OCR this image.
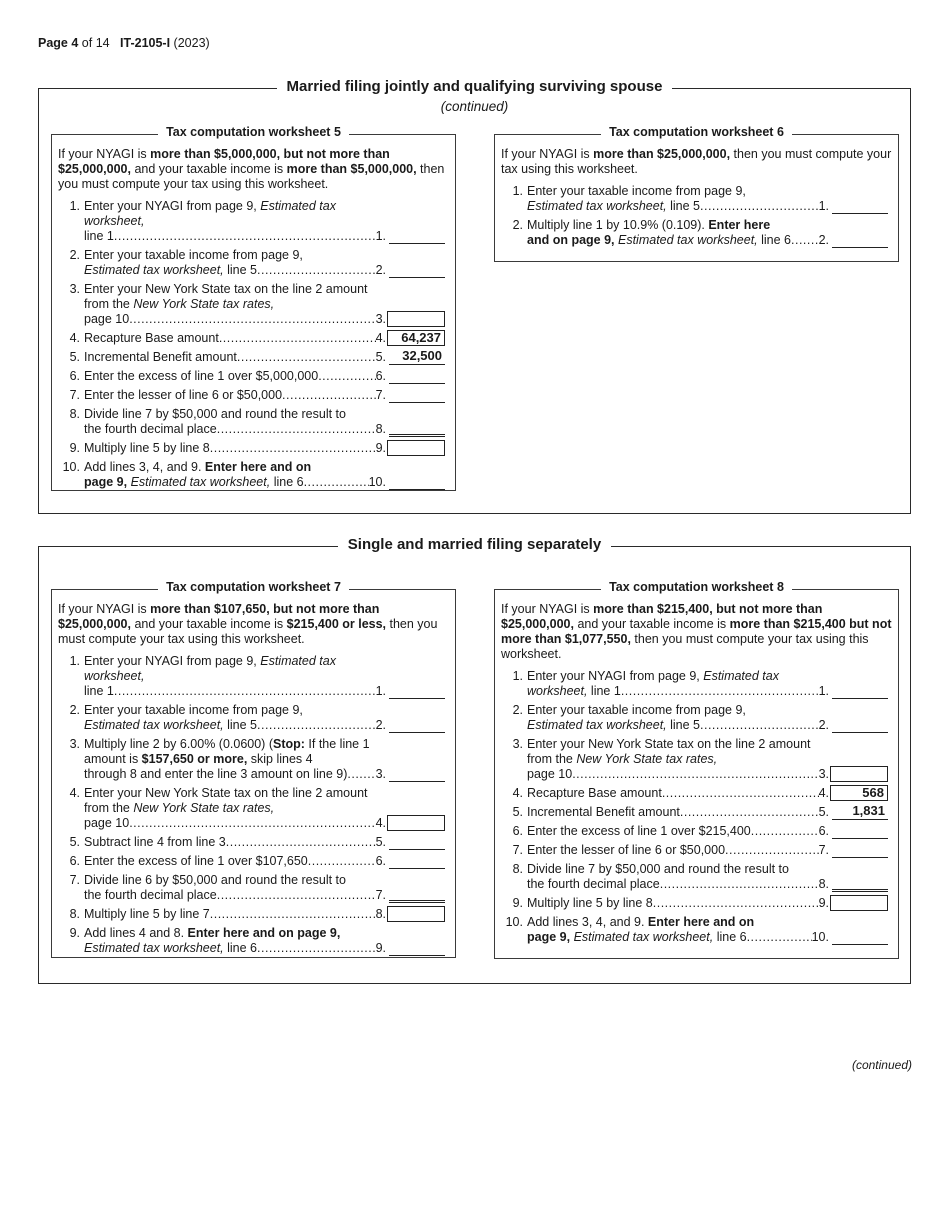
Page 4 of 14 IT-2105-I (2023)
Married filing jointly and qualifying surviving spouse
(continued)
Tax computation worksheet 5
If your NYAGI is more than $5,000,000, but not more than $25,000,000, and your taxable income is more than $5,000,000, then you must compute your tax using this worksheet.
1. Enter your NYAGI from page 9, Estimated tax worksheet,
line 1 .....	1.
2. Enter your taxable income from page 9,
Estimated tax worksheet, line 5 .....	2.
3. Enter your New York State tax on the line 2 amount from the New York State tax rates,
page 10 .....	3.
4. Recapture Base amount .....	4. 64,237
5. Incremental Benefit amount .....	5. 32,500
6. Enter the excess of line 1 over $5,000,000 .....	6.
7. Enter the lesser of line 6 or $50,000 .....	7.
8. Divide line 7 by $50,000 and round the result to
the fourth decimal place .....	8.
9. Multiply line 5 by line 8 .....	9.
10. Add lines 3, 4, and 9. Enter here and on
page 9, Estimated tax worksheet, line 6 .....	10.
Tax computation worksheet 6
If your NYAGI is more than $25,000,000, then you must compute your tax using this worksheet.
1. Enter your taxable income from page 9,
Estimated tax worksheet, line 5 .....	1.
2. Multiply line 1 by 10.9% (0.109). Enter here
and on page 9, Estimated tax worksheet, line 6 ..... 2.
Single and married filing separately
Tax computation worksheet 7
If your NYAGI is more than $107,650, but not more than $25,000,000, and your taxable income is $215,400 or less, then you must compute your tax using this worksheet.
1. Enter your NYAGI from page 9, Estimated tax worksheet,
line 1 .....	1.
2. Enter your taxable income from page 9,
Estimated tax worksheet, line 5 .....	2.
3. Multiply line 2 by 6.00% (0.0600) (Stop: If the line 1 amount is $157,650 or more, skip lines 4
through 8 and enter the line 3 amount on line 9) ..... 3.
4. Enter your New York State tax on the line 2 amount from the New York State tax rates,
page 10 .....	4.
5. Subtract line 4 from line 3 .....	5.
6. Enter the excess of line 1 over $107,650 .....	6.
7. Divide line 6 by $50,000 and round the result to
the fourth decimal place .....	7.
8. Multiply line 5 by line 7 .....	8.
9. Add lines 4 and 8. Enter here and on page 9,
Estimated tax worksheet, line 6 .....	9.
Tax computation worksheet 8
If your NYAGI is more than $215,400, but not more than $25,000,000, and your taxable income is more than $215,400 but not more than $1,077,550, then you must compute your tax using this worksheet.
1. Enter your NYAGI from page 9, Estimated tax
worksheet, line 1 .....	1.
2. Enter your taxable income from page 9,
Estimated tax worksheet, line 5 .....	2.
3. Enter your New York State tax on the line 2 amount from the New York State tax rates,
page 10 .....	3.
4. Recapture Base amount .....	4.	568
5. Incremental Benefit amount .....	5. 1,831
6. Enter the excess of line 1 over $215,400 .....	6.
7. Enter the lesser of line 6 or $50,000 .....	7.
8. Divide line 7 by $50,000 and round the result to
the fourth decimal place .....	8.
9. Multiply line 5 by line 8 .....	9.
10. Add lines 3, 4, and 9. Enter here and on
page 9, Estimated tax worksheet, line 6 .....	10.
(continued)
